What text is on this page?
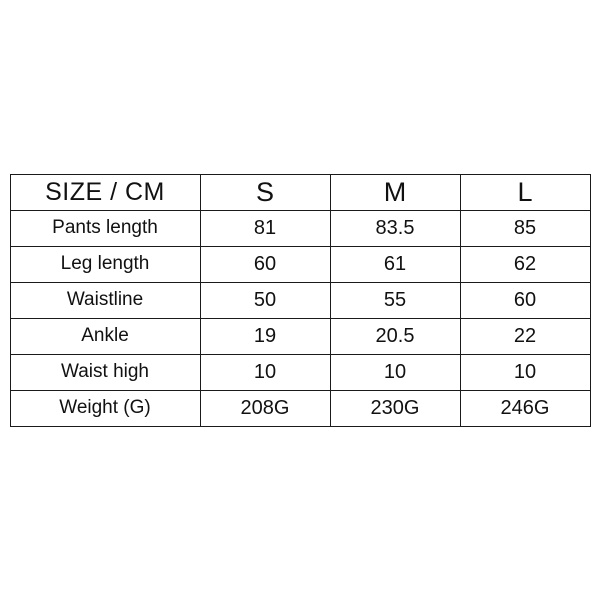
SIZE / CM	S	M	L
Pants length	81	83.5	85
Leg length	60	61	62
Waistline	50	55	60
Ankle	19	20.5	22
Waist high	10	10	10
Weight (G)	208G	230G	246G
